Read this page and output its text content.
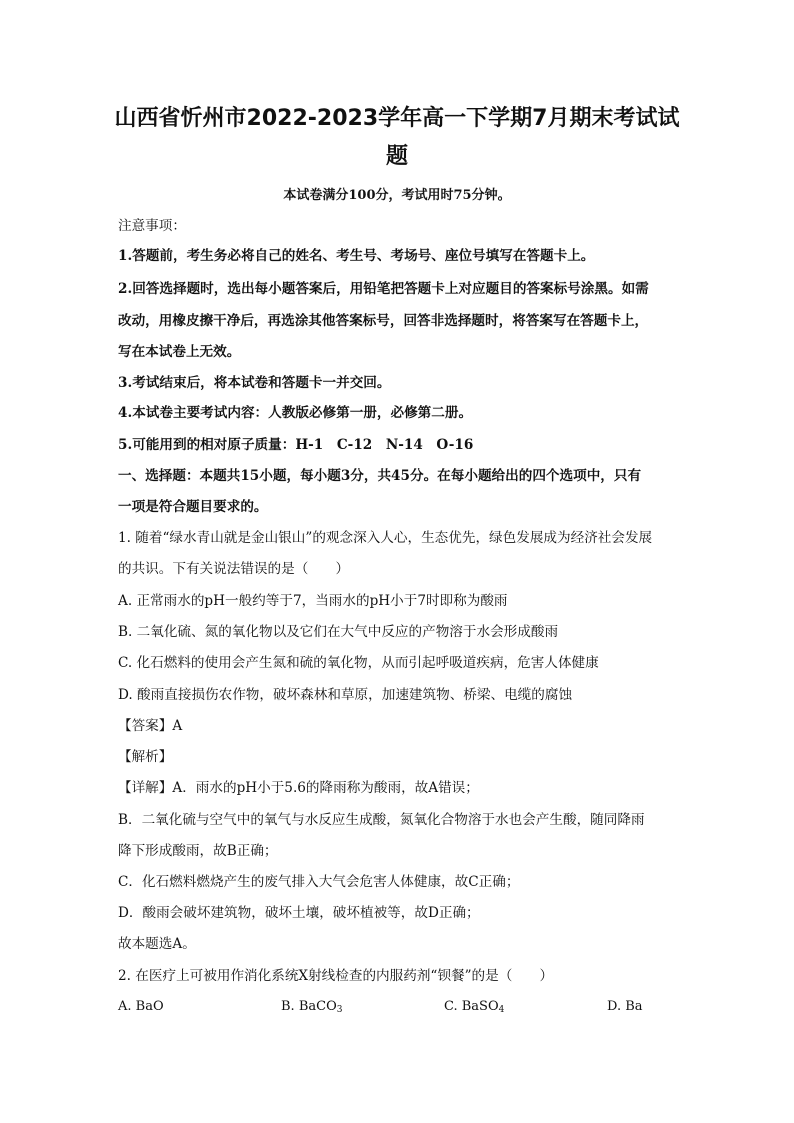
山西省忻州市2022-2023学年高一下学期7月期末考试试
题
本试卷满分100分，考试用时75分钟。
注意事项：
1.答题前，考生务必将自己的姓名、考生号、考场号、座位号填写在答题卡上。
2.回答选择题时，选出每小题答案后，用铅笔把答题卡上对应题目的答案标号涂黑。如需
改动，用橡皮擦干净后，再选涂其他答案标号，回答非选择题时，将答案写在答题卡上，
写在本试卷上无效。
3.考试结束后，将本试卷和答题卡一并交回。
4.本试卷主要考试内容：人教版必修第一册，必修第二册。
5.可能用到的相对原子质量：H-1　C-12　N-14　O-16
一、选择题：本题共15小题，每小题3分，共45分。在每小题给出的四个选项中，只有
一项是符合题目要求的。
1. 随着“绿水青山就是金山银山”的观念深入人心，生态优先，绿色发展成为经济社会发展
的共识。下有关说法错误的是（　　）
A. 正常雨水的pH一般约等于7，当雨水的pH小于7时即称为酸雨
B. 二氧化硫、氮的氧化物以及它们在大气中反应的产物溶于水会形成酸雨
C. 化石燃料的使用会产生氮和硫的氧化物，从而引起呼吸道疾病，危害人体健康
D. 酸雨直接损伤农作物，破坏森林和草原，加速建筑物、桥梁、电缆的腐蚀
【答案】A
【解析】
【详解】A．雨水的pH小于5.6的降雨称为酸雨，故A错误；
B．二氧化硫与空气中的氧气与水反应生成酸，氮氧化合物溶于水也会产生酸，随同降雨
降下形成酸雨，故B正确；
C．化石燃料燃烧产生的废气排入大气会危害人体健康，故C正确；
D．酸雨会破坏建筑物，破坏土壤，破坏植被等，故D正确；
故本题选A。
2. 在医疗上可被用作消化系统X射线检查的内服药剂“钡餐”的是（　　）
A. BaO	B. BaCO$_3$	C. BaSO$_4$	D. Ba
